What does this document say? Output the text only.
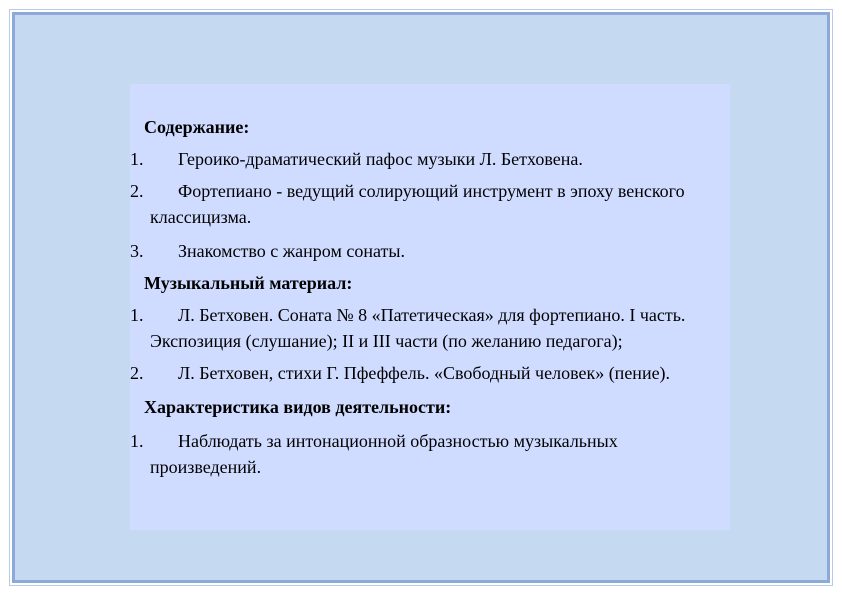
Содержание:

1.	Героико-драматический пафос музыки Л. Бетховена.
2.	Фортепиано - ведущий солирующий инструмент в эпоху венского классицизма.
3.	Знакомство с жанром сонаты.

Музыкальный материал:

1.	Л. Бетховен. Соната № 8 «Патетическая» для фортепиано. I часть. Экспозиция (слушание); II и III части (по желанию педагога);
2.	Л. Бетховен, стихи Г. Пфеффель. «Свободный человек» (пение).

Характеристика видов деятельности:

1.	Наблюдать за интонационной образностью музыкальных произведений.
